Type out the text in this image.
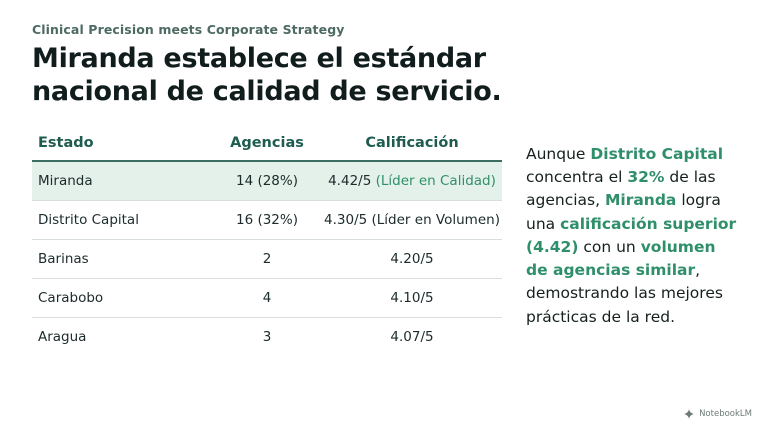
Clinical Precision meets Corporate Strategy
Miranda establece el estándar nacional de calidad de servicio.
Estado	Agencias	Calificación
Miranda	14 (28%)	4.42/5 (Líder en Calidad)
Distrito Capital	16 (32%)	4.30/5 (Líder en Volumen)
Barinas	2	4.20/5
Carabobo	4	4.10/5
Aragua	3	4.07/5
Aunque Distrito Capital concentra el 32% de las agencias, Miranda logra una calificación superior (4.42) con un volumen de agencias similar, demostrando las mejores prácticas de la red.
NotebookLM
